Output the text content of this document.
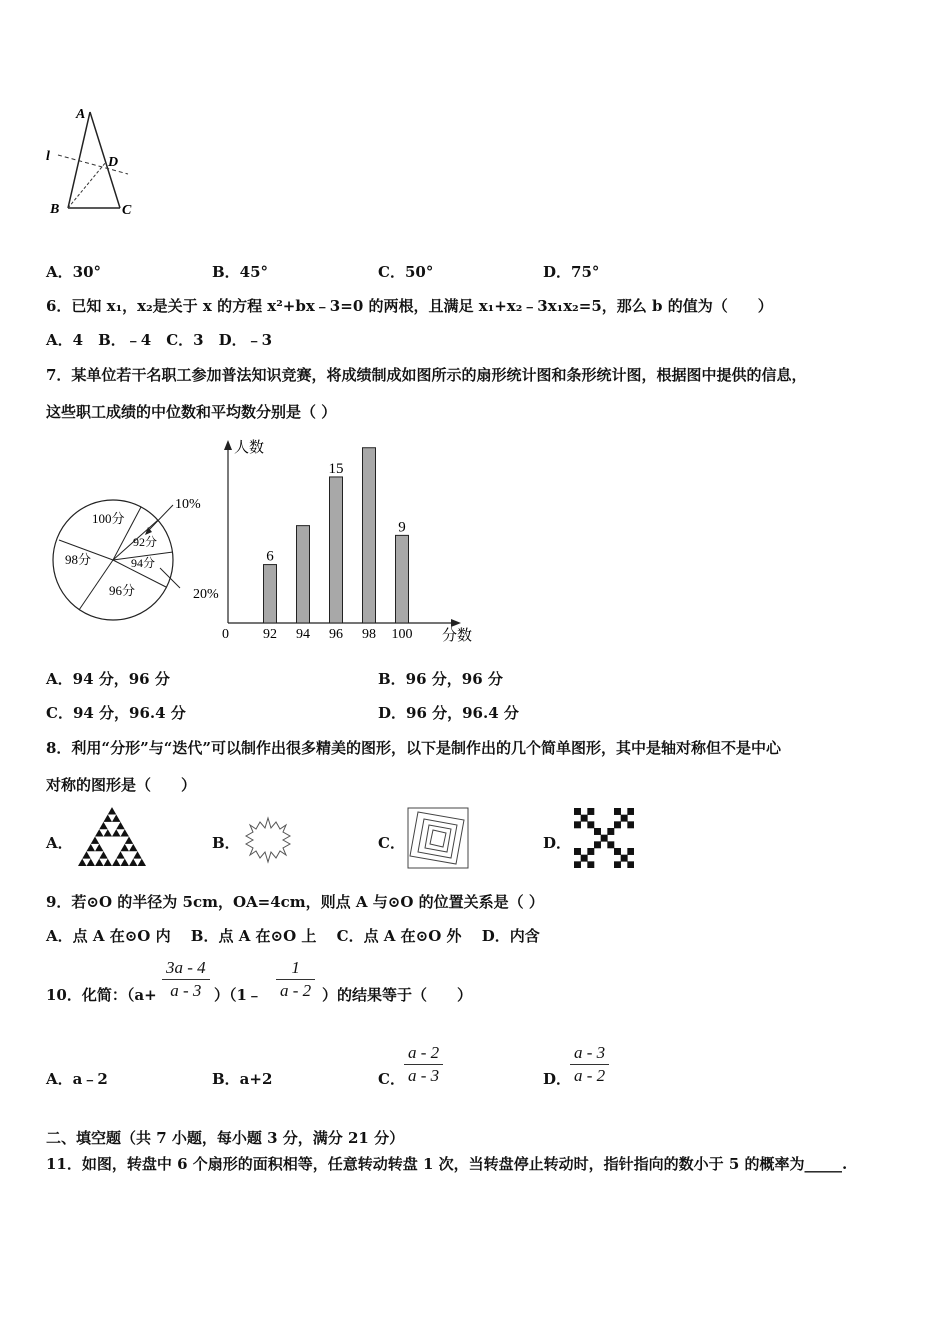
A
D
l
B	C
A．30°	B．45°	C．50°	D．75°
6．已知 x₁，x₂是关于 x 的方程 x²+bx﹣3=0 的两根，且满足 x₁+x₂﹣3x₁x₂=5，那么 b 的值为（　　）
A．4　B．﹣4　C．3　D．﹣3
7．某单位若干名职工参加普法知识竞赛，将成绩制成如图所示的扇形统计图和条形统计图，根据图中提供的信息，
这些职工成绩的中位数和平均数分别是（ ）
100分
98分
96分
94分
92分
10%
20%
人数
分数
0 92
6
94 96
15
98 100
9
A．94 分，96 分	B．96 分，96 分
C．94 分，96.4 分	D．96 分，96.4 分
8．利用“分形”与“迭代”可以制作出很多精美的图形，以下是制作出的几个简单图形，其中是轴对称但不是中心
对称的图形是（　　）
A．	B．	C．	D．
9．若⊙O 的半径为 5cm，OA=4cm，则点 A 与⊙O 的位置关系是（ ）
A．点 A 在⊙O 内　 B．点 A 在⊙O 上　 C．点 A 在⊙O 外　 D．内含
10．化简：（a+
3a - 4
a - 3 ）（1﹣
1
a - 2 ）的结果等于（　　）
A．a﹣2	B．a+2	C．
a - 2
a - 3	D．
a - 3
a - 2
二、填空题（共 7 小题，每小题 3 分，满分 21 分）
11．如图，转盘中 6 个扇形的面积相等，任意转动转盘 1 次，当转盘停止转动时，指针指向的数小于 5 的概率为_____.
